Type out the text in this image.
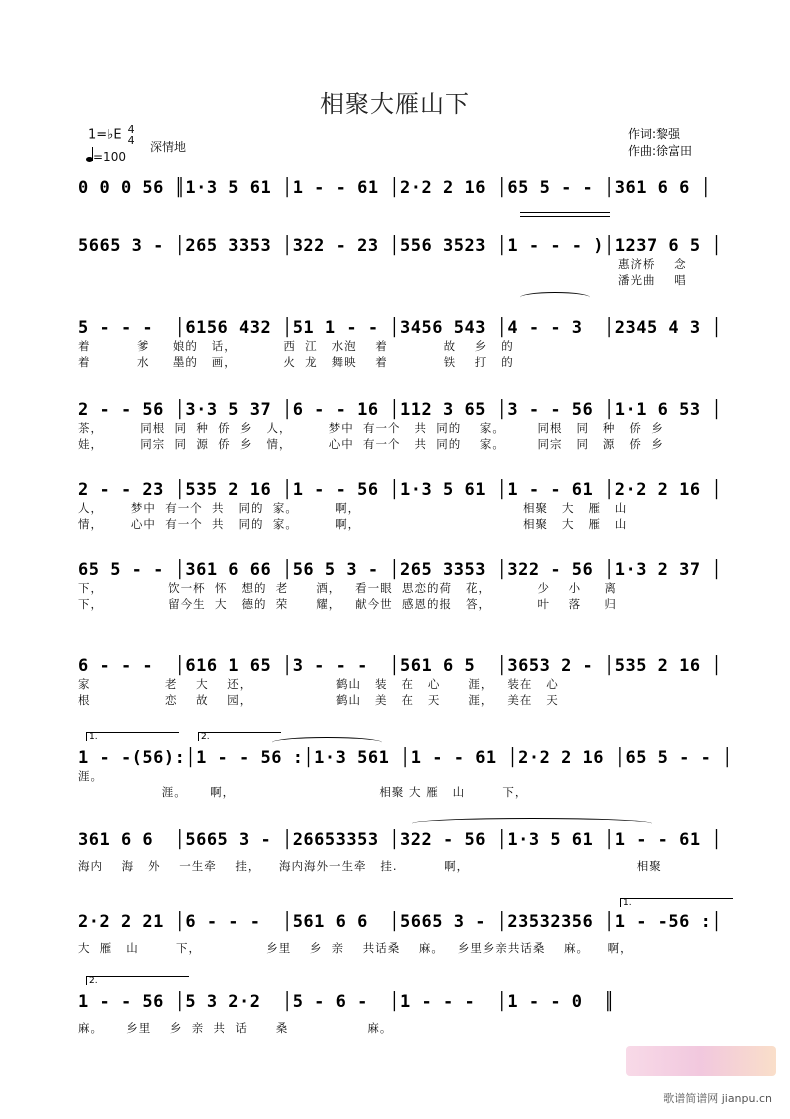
相聚大雁山下
1=♭E 4
4
=100
深情地
作词:黎强
作曲:徐富田
0 0 0 56 ║1·3 5 61 │1 - - 61 │2·2 2 16 │65 5 - - │361 6 6 │
5665 3 - │265 3353 │322 - 23 │556 3523 │1 - - - )│1237 6 5 │
惠济桥    念
潘光曲    唱
5 - - -  │6156 432 │51 1 - - │3456 543 │4 - - 3  │2345 4 3 │
着          爹     娘的   话，          西  江   水泡    着            故    乡   的
着          水     墨的   画，          火  龙   舞映    着            铁    打   的
2 - - 56 │3·3 5 37 │6 - - 16 │112 3 65 │3 - - 56 │1·1 6 53 │
茶，        同根  同  种  侨  乡   人，        梦中  有一个   共  同的    家。       同根   同   种   侨  乡
娃，        同宗  同  源  侨  乡   情，        心中  有一个   共  同的    家。       同宗   同   源   侨  乡
2 - - 23 │535 2 16 │1 - - 56 │1·3 5 61 │1 - - 61 │2·2 2 16 │
人，      梦中  有一个  共   同的  家。        啊，                                   相聚   大   雁   山
情，      心中  有一个  共   同的  家。        啊，                                   相聚   大   雁   山
65 5 - - │361 6 66 │56 5 3 - │265 3353 │322 - 56 │1·3 2 37 │
下，              饮一杯  怀   想的  老      酒，   看一眼  思恋的荷   花，          少    小     离
下，              留今生  大   德的  荣      耀，   献今世  感恩的报   答，          叶    落     归
6 - - -  │616 1 65 │3 - - -  │561 6 5  │3653 2 - │535 2 16 │
家                老    大    还，                  鹤山   装   在   心      涯，   装在   心
根                恋    故    园，                  鹤山   美   在   天      涯，   美在   天
1.	2.
1 - -(56):│1 - - 56 :│1·3 561 │1 - - 61 │2·2 2 16 │65 5 - - │
涯。
涯。     啊，                               相聚 大 雁   山        下，
361 6 6  │5665 3 - │26653353 │322 - 56 │1·3 5 61 │1 - - 61 │
海内    海   外    一生牵    挂，    海内海外一生牵   挂.          啊，                                    相聚
1.
2·2 2 21 │6 - - -  │561 6 6  │5665 3 - │23532356 │1 - -56 :│
大  雁   山        下，              乡里    乡  亲    共话桑    麻。   乡里乡亲共话桑    麻。    啊，
2.
1 - - 56 │5 3 2·2  │5 - 6 -  │1 - - -  │1 - - 0  ║
麻。     乡里    乡  亲  共  话      桑                 麻。
歌谱简谱网 jianpu.cn
